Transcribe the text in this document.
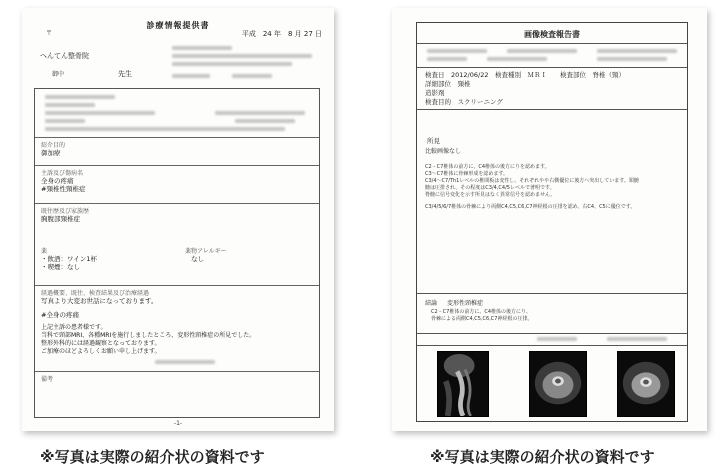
診療情報提供書
〒	平成　24 年　8 月 27 日
へんてん整骨院
御中	先生
紹介目的
御加療
主訴及び傷病名
全身の疼痛
#頸椎性頸椎症
既往歴及び家族歴
胸腹部頸椎症
薬
・飲酒：ワイン1杯
・喫煙：なし
薬物アレルギー
なし
経過概要、既往、検査結果及び治療経過
写真より大変お世話になっております。
#全身の疼痛
上記主訴の患者様です。
当科で頸部MRI、各種MRIを施行しましたところ、変形性頸椎症の所見でした。
整形外科的には経過観察となっております。
ご加療のほどよろしくお願い申し上げます。
備考
-1-
画像検査報告書
検査日　2012/06/22　検査種別　ＭＲＩ　　検査部位　脊椎（頸）
詳細部位　頸椎
造影剤
検査目的　スクリーニング
所見
比較画像なし
C2 - C7椎体の前方に、C4椎体の後方にりを認めます。
C3〜C7椎体に骨棘形成を認めます。
C3/4〜C7/Th1レベルの椎間板は変性し、それぞれやや右側優位に後方へ突出しています。頸髄
髄は圧排され、その程度はC3/4,C4/5レベルで著明です。
脊髄に信号変化を示す所見はなく異常信号を認めません。
C3/4/5/6/7椎体の骨棘により両側C4,C5,C6,C7神経根の圧排を認め、右C4、C5に優位です。
結論 変形性頸椎症
C2 - C7椎体の前方に、C4椎体の後方にり、
骨棘による両側C4,C5,C6,C7神経根の圧排。
※写真は実際の紹介状の資料です	※写真は実際の紹介状の資料です
